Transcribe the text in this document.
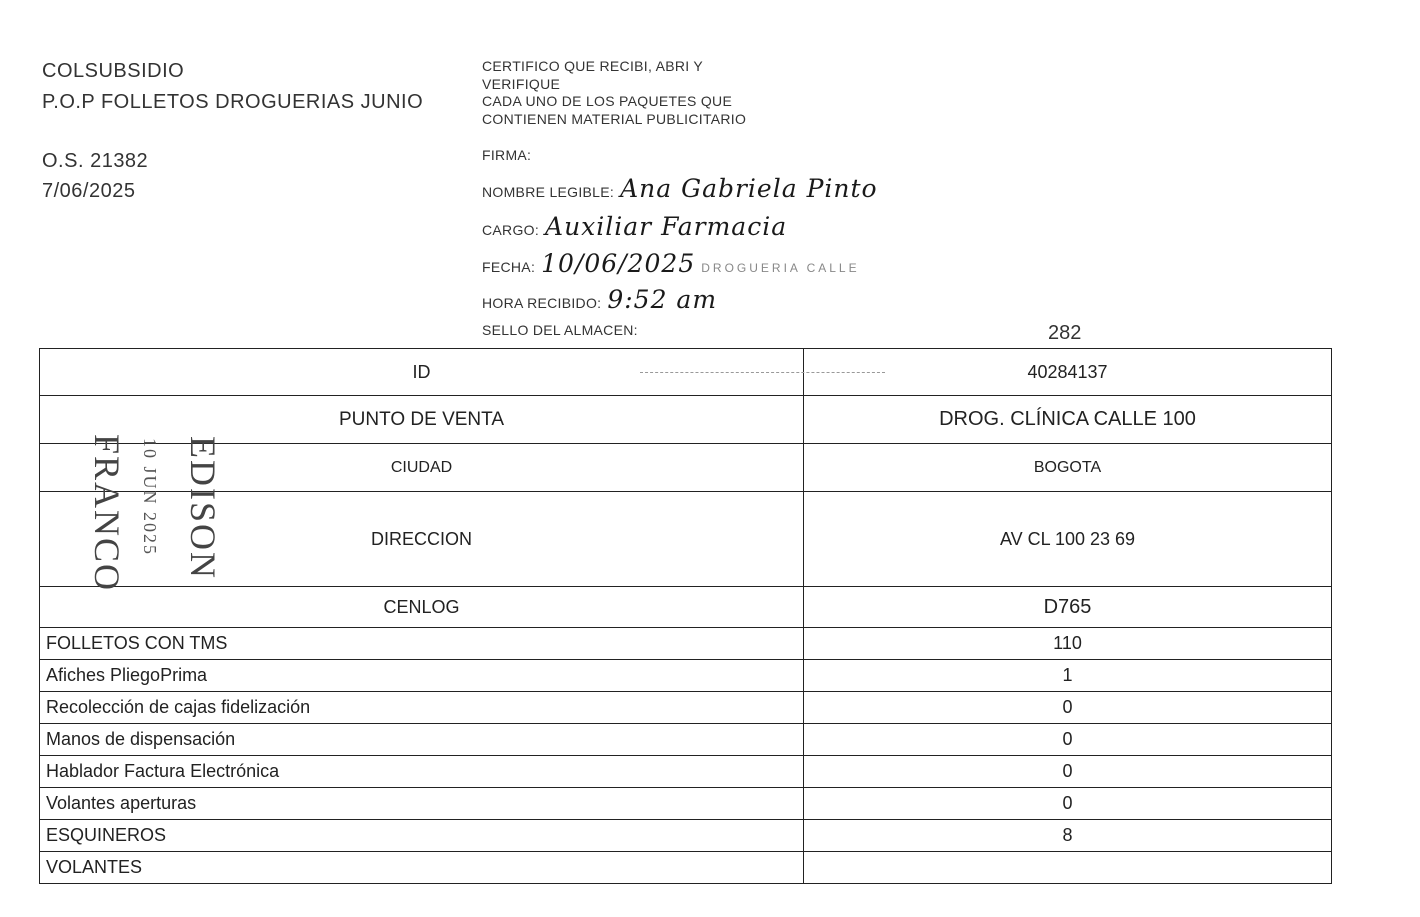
COLSUBSIDIO
P.O.P FOLLETOS DROGUERIAS JUNIO
O.S. 21382
7/06/2025
CERTIFICO QUE RECIBI, ABRI Y
VERIFIQUE
CADA UNO DE LOS PAQUETES QUE
CONTIENEN MATERIAL PUBLICITARIO
FIRMA:
NOMBRE LEGIBLE: Ana Gabriela Pinto
CARGO: Auxiliar Farmacia
FECHA: 10/06/2025 DROGUERIA CALLE
HORA RECIBIDO: 9:52 am
SELLO DEL ALMACEN:	282
ID	40284137
PUNTO DE VENTA	DROG. CLÍNICA CALLE 100
CIUDAD	BOGOTA
DIRECCION	AV CL 100 23 69
CENLOG	D765
FOLLETOS CON TMS	110
Afiches PliegoPrima	1
Recolección de cajas fidelización	0
Manos de dispensación	0
Hablador Factura Electrónica	0
Volantes aperturas	0
ESQUINEROS	8
VOLANTES	
FRANCO 10 JUN 2025 EDISON
